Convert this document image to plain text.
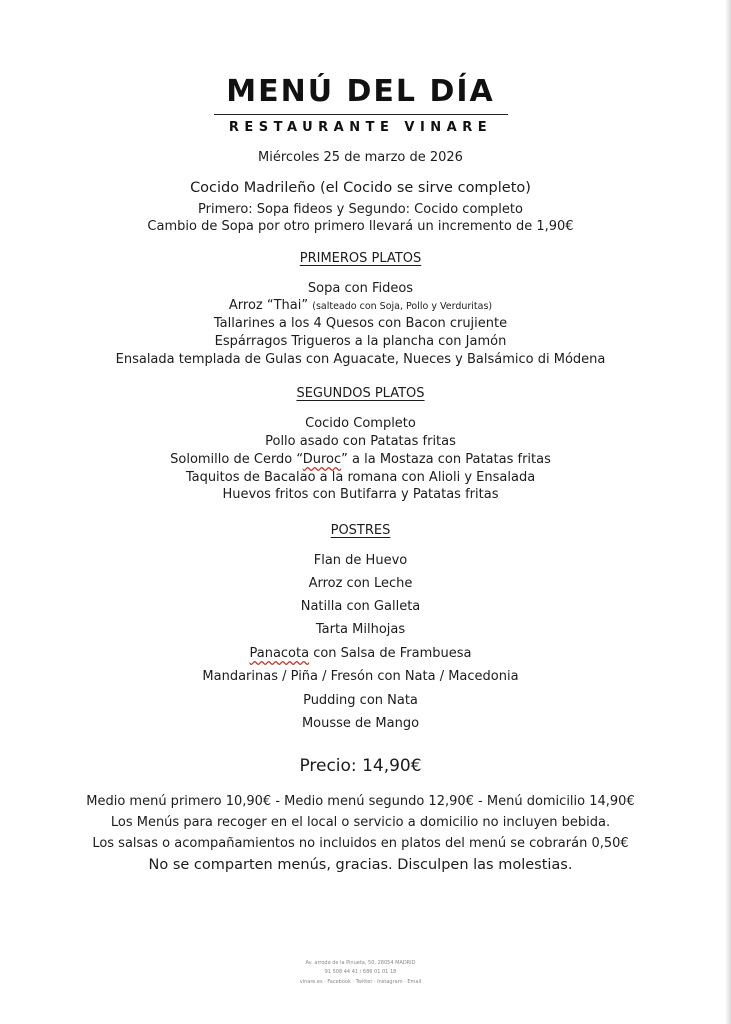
MENÚ DEL DÍA
RESTAURANTE VINARE
Miércoles 25 de marzo de 2026
Cocido Madrileño (el Cocido se sirve completo)
Primero: Sopa fideos y Segundo: Cocido completo
Cambio de Sopa por otro primero llevará un incremento de 1,90€
PRIMEROS PLATOS
Sopa con Fideos
Arroz “Thai” (salteado con Soja, Pollo y Verduritas)
Tallarines a los 4 Quesos con Bacon crujiente
Espárragos Trigueros a la plancha con Jamón
Ensalada templada de Gulas con Aguacate, Nueces y Balsámico di Módena
SEGUNDOS PLATOS
Cocido Completo
Pollo asado con Patatas fritas
Solomillo de Cerdo “Duroc” a la Mostaza con Patatas fritas
Taquitos de Bacalao a la romana con Alioli y Ensalada
Huevos fritos con Butifarra y Patatas fritas
POSTRES
Flan de Huevo
Arroz con Leche
Natilla con Galleta
Tarta Milhojas
Panacota con Salsa de Frambuesa
Mandarinas / Piña / Fresón con Nata / Macedonia
Pudding con Nata
Mousse de Mango
Precio: 14,90€
Medio menú primero 10,90€ - Medio menú segundo 12,90€ - Menú domicilio 14,90€
Los Menús para recoger en el local o servicio a domicilio no incluyen bebida.
Los salsas o acompañamientos no incluidos en platos del menú se cobrarán 0,50€
No se comparten menús, gracias. Disculpen las molestias.
Av. arroda de la Pinueta, 50, 28054 MADRID
91 508 44 41 / 686 01 01 18
vinare.es · Facebook · Twitter · Instagram · Email
